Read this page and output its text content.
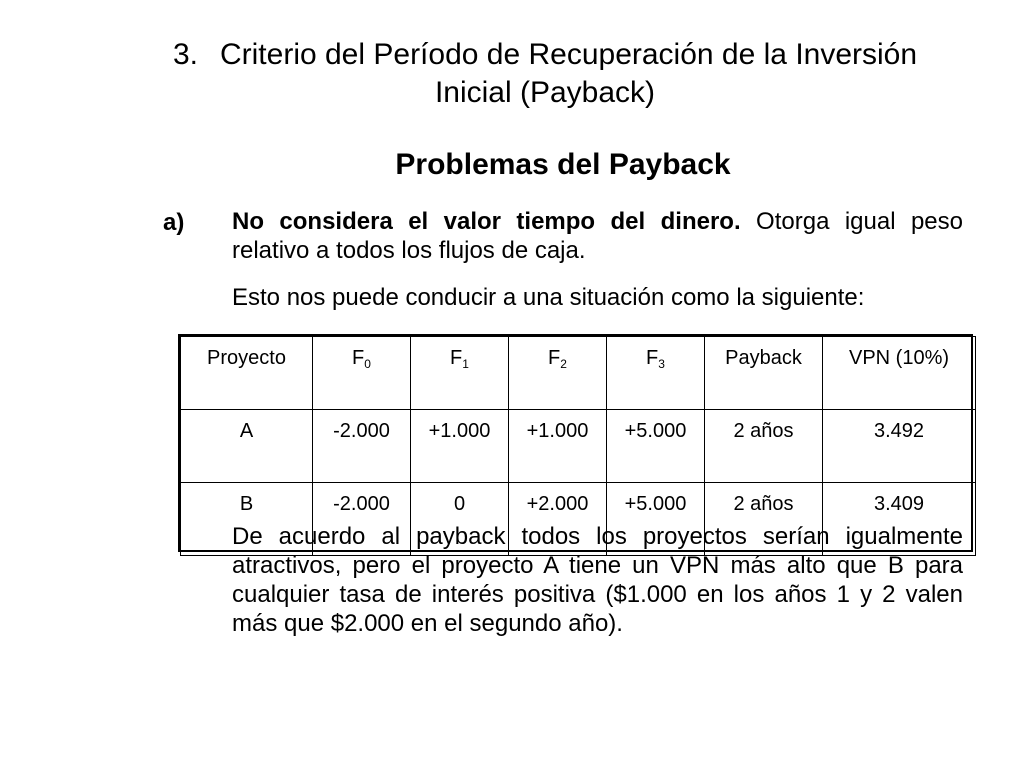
3. Criterio del Período de Recuperación de la Inversión Inicial (Payback)
Problemas del Payback
a) No considera el valor tiempo del dinero. Otorga igual peso relativo a todos los flujos de caja.

Esto nos puede conducir a una situación como la siguiente:

Proyecto	$F_0$	$F_1$	$F_2$	$F_3$	Payback	VPN (10%)
A	-2.000	+1.000	+1.000	+5.000	2 años	3.492
B	-2.000	0	+2.000	+5.000	2 años	3.409

De acuerdo al payback todos los proyectos serían igualmente atractivos, pero el proyecto A tiene un VPN más alto que B para cualquier tasa de interés positiva ($1.000 en los años 1 y 2 valen más que $2.000 en el segundo año).
